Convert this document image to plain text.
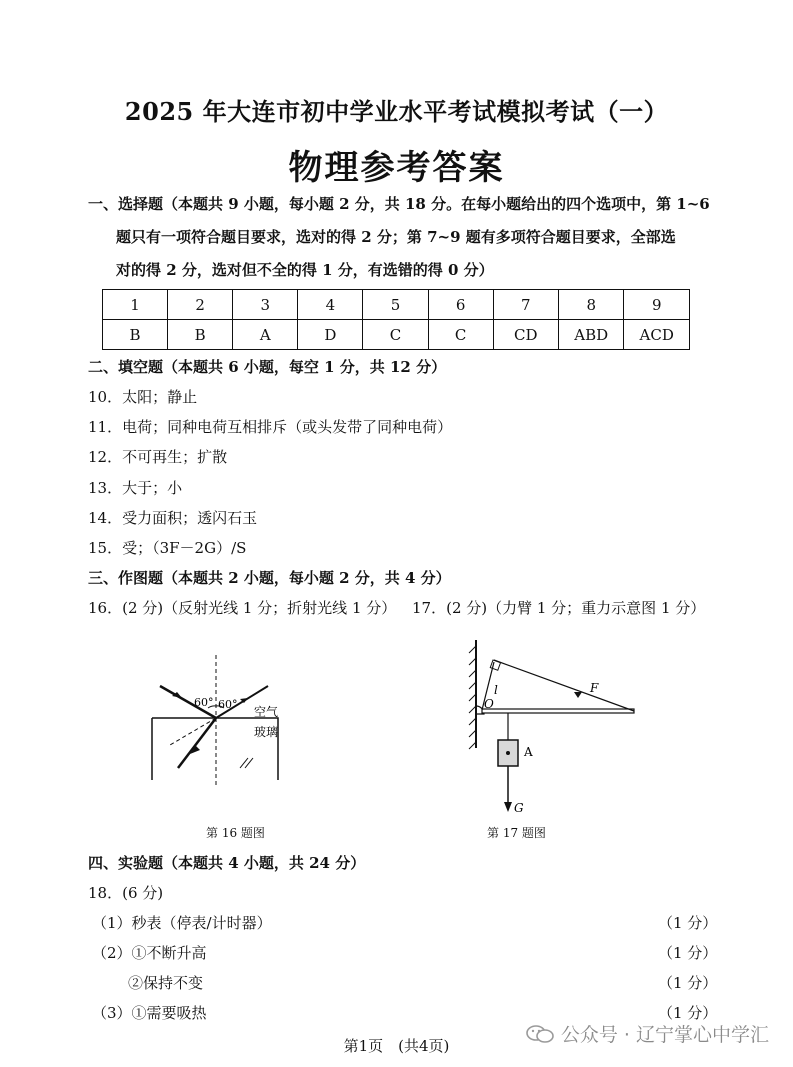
2025 年大连市初中学业水平考试模拟考试（一）
物理参考答案
一、选择题（本题共 9 小题，每小题 2 分，共 18 分。在每小题给出的四个选项中，第 1~6
题只有一项符合题目要求，选对的得 2 分；第 7~9 题有多项符合题目要求，全部选
对的得 2 分，选对但不全的得 1 分，有选错的得 0 分）
1	2	3	4	5	6	7	8	9
B	B	A	D	C	C	CD	ABD	ACD
二、填空题（本题共 6 小题，每空 1 分，共 12 分）
10．太阳；静止
11．电荷；同种电荷互相排斥（或头发带了同种电荷）
12．不可再生；扩散
13．大于；小
14．受力面积；透闪石玉
15．受；（3F－2G）/S
三、作图题（本题共 2 小题，每小题 2 分，共 4 分）
16．(2 分)（反射光线 1 分；折射光线 1 分） 17．(2 分)（力臂 1 分；重力示意图 1 分）
60° 60°
空气
玻璃
第 16 题图
l	F
O
A
G
第 17 题图
四、实验题（本题共 4 小题，共 24 分）
18．(6 分)
（1）秒表（停表/计时器）	（1 分）
（2）①不断升高	（1 分）
②保持不变	（1 分）
（3）①需要吸热	（1 分）
第1页　(共4页)	公众号 · 辽宁掌心中学汇
